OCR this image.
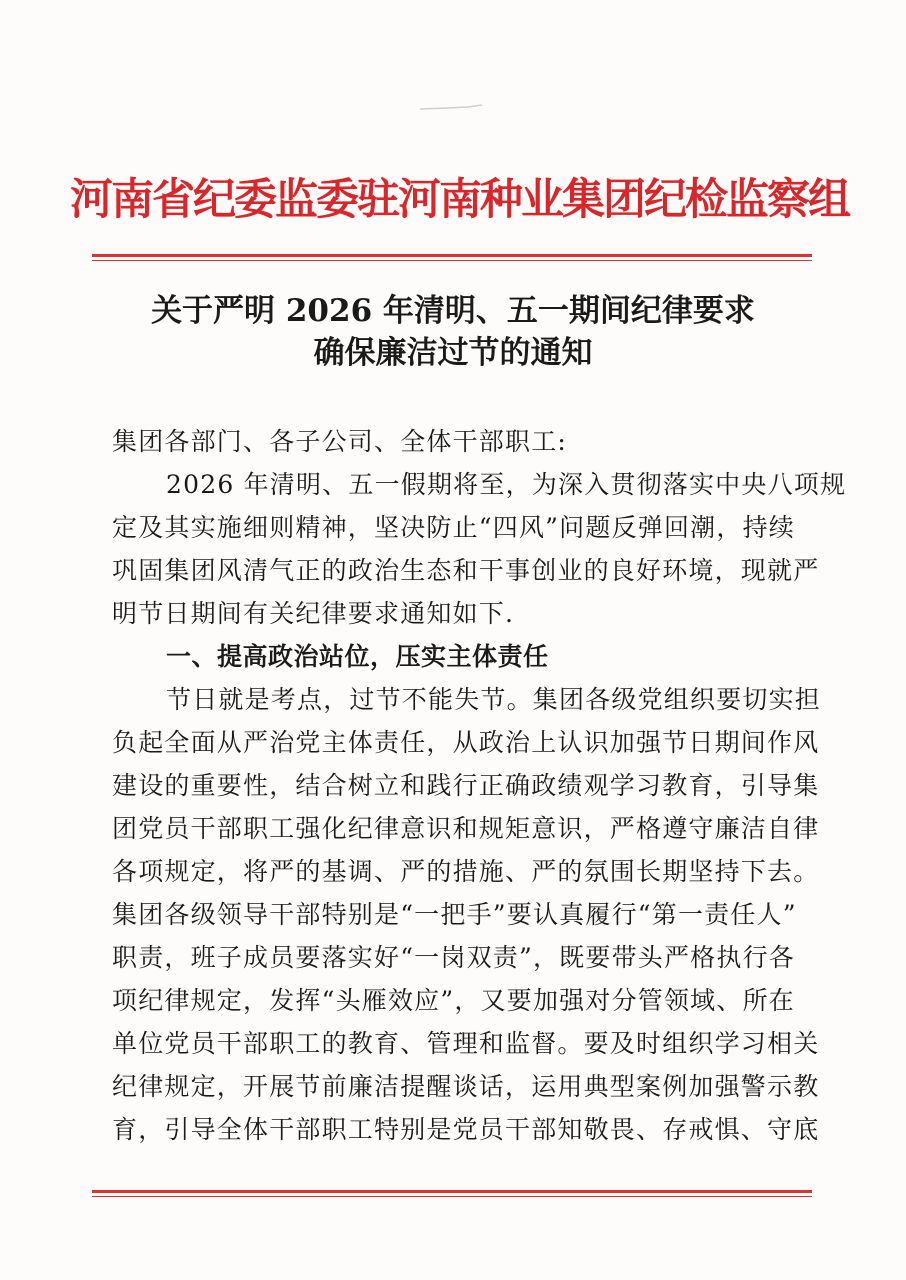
河南省纪委监委驻河南种业集团纪检监察组
关于严明 2026 年清明、五一期间纪律要求
确保廉洁过节的通知
集团各部门、各子公司、全体干部职工:
2026 年清明、五一假期将至，为深入贯彻落实中央八项规
定及其实施细则精神，坚决防止“四风”问题反弹回潮，持续
巩固集团风清气正的政治生态和干事创业的良好环境，现就严
明节日期间有关纪律要求通知如下.
一、提高政治站位，压实主体责任
节日就是考点，过节不能失节。集团各级党组织要切实担
负起全面从严治党主体责任，从政治上认识加强节日期间作风
建设的重要性，结合树立和践行正确政绩观学习教育，引导集
团党员干部职工强化纪律意识和规矩意识，严格遵守廉洁自律
各项规定，将严的基调、严的措施、严的氛围长期坚持下去。
集团各级领导干部特别是“一把手”要认真履行“第一责任人”
职责，班子成员要落实好“一岗双责”，既要带头严格执行各
项纪律规定，发挥“头雁效应”，又要加强对分管领域、所在
单位党员干部职工的教育、管理和监督。要及时组织学习相关
纪律规定，开展节前廉洁提醒谈话，运用典型案例加强警示教
育，引导全体干部职工特别是党员干部知敬畏、存戒惧、守底
